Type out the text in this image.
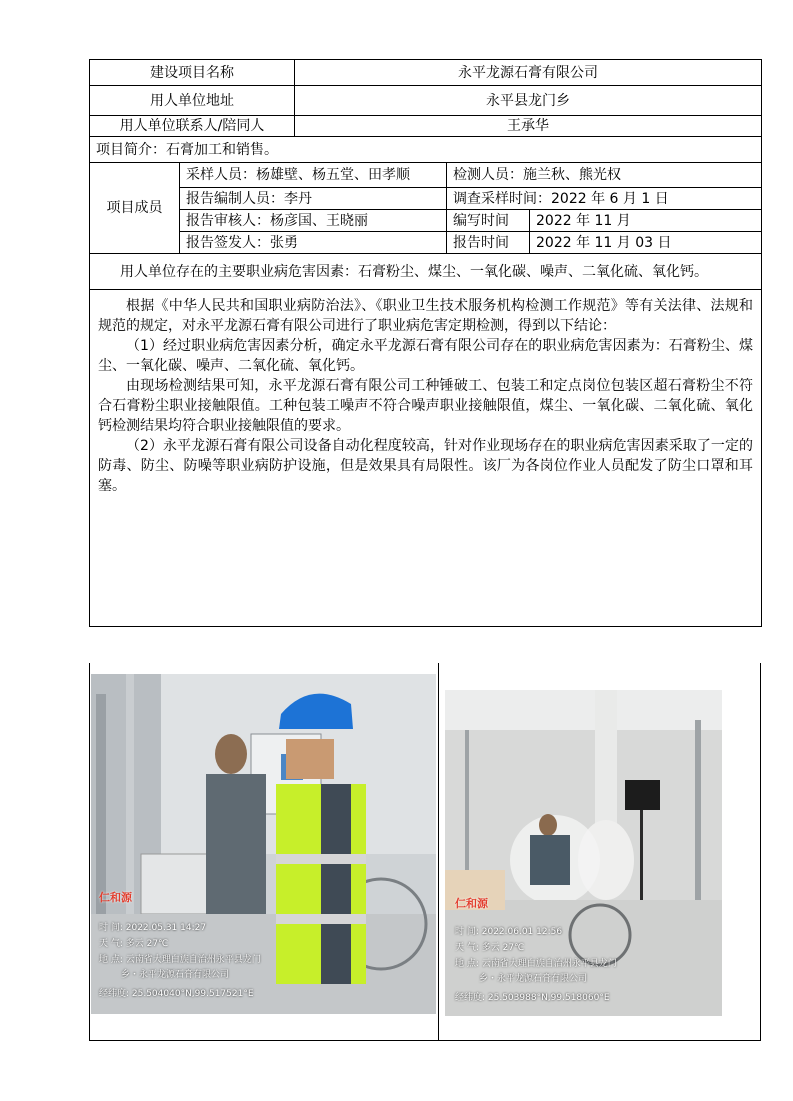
建设项目名称		永平龙源石膏有限公司		
用人单位地址		永平县龙门乡		
用人单位联系人/陪同人		王承华		
项目简介：石膏加工和销售。				
项目成员	采样人员：杨雄壁、杨五堂、田孝顺		检测人员：施兰秋、熊光权	
	报告编制人员：李丹		调查采样时间：2022 年 6 月 1 日	
	报告审核人：杨彦国、王晓丽		编写时间	2022 年 11 月
	报告签发人：张勇		报告时间	2022 年 11 月 03 日
用人单位存在的主要职业病危害因素：石膏粉尘、煤尘、一氧化碳、噪声、二氧化硫、氧化钙。				

根据《中华人民共和国职业病防治法》、《职业卫生技术服务机构检测工作规范》等有关法律、法规和规范的规定，对永平龙源石膏有限公司进行了职业病危害定期检测，得到以下结论：

（1）经过职业病危害因素分析，确定永平龙源石膏有限公司存在的职业病危害因素为：石膏粉尘、煤尘、一氧化碳、噪声、二氧化硫、氧化钙。

由现场检测结果可知，永平龙源石膏有限公司工种锤破工、包装工和定点岗位包装区超石膏粉尘不符合石膏粉尘职业接触限值。工种包装工噪声不符合噪声职业接触限值，煤尘、一氧化碳、二氧化硫、氧化钙检测结果均符合职业接触限值的要求。

（2）永平龙源石膏有限公司设备自动化程度较高，针对作业现场存在的职业病危害因素采取了一定的防毒、防尘、防噪等职业病防护设施，但是效果具有局限性。该厂为各岗位作业人员配发了防尘口罩和耳塞。				

仁和源
时 间: 2022.05.31 14:27
天 气: 多云 27℃
地 点: 云南省大理白族自治州永平县龙门
乡・永平龙源石膏有限公司
经纬度: 25.504040°N,99.517521°E
仁和源
时 间: 2022.06.01 12:56
天 气: 多云 27℃
地 点: 云南省大理白族自治州永平县龙门
乡・永平龙源石膏有限公司
经纬度: 25.503988°N,99.518060°E
